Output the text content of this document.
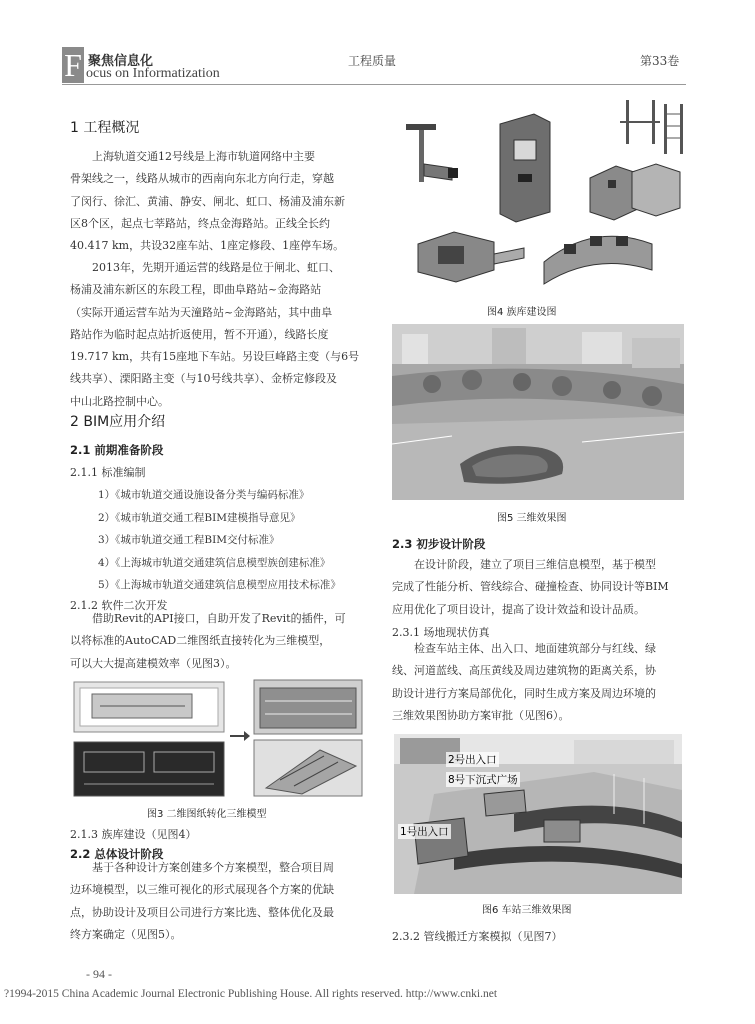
F 聚焦信息化
ocus on Informatization
工程质量	第33卷
1 工程概况
上海轨道交通12号线是上海市轨道网络中主要
骨架线之一，线路从城市的西南向东北方向行走，穿越
了闵行、徐汇、黄浦、静安、闸北、虹口、杨浦及浦东新
区8个区，起点七莘路站，终点金海路站。正线全长约
40.417 km，共设32座车站、1座定修段、1座停车场。
2013年，先期开通运营的线路是位于闸北、虹口、
杨浦及浦东新区的东段工程，即曲阜路站~金海路站
（实际开通运营车站为天潼路站~金海路站，其中曲阜
路站作为临时起点站折返使用，暂不开通），线路长度
19.717 km，共有15座地下车站。另设巨峰路主变（与6号
线共享）、溧阳路主变（与10号线共享）、金桥定修段及
中山北路控制中心。
2 BIM应用介绍
2.1 前期准备阶段
2.1.1 标准编制
1）《城市轨道交通设施设备分类与编码标准》
2）《城市轨道交通工程BIM建模指导意见》
3）《城市轨道交通工程BIM交付标准》
4）《上海城市轨道交通建筑信息模型族创建标准》
5）《上海城市轨道交通建筑信息模型应用技术标准》
2.1.2 软件二次开发
借助Revit的API接口，自助开发了Revit的插件，可
以将标准的AutoCAD二维图纸直接转化为三维模型，
可以大大提高建模效率（见图3）。
图3 二维图纸转化三维模型
2.1.3 族库建设（见图4）
2.2 总体设计阶段
基于各种设计方案创建多个方案模型，整合项目周
边环境模型，以三维可视化的形式展现各个方案的优缺
点，协助设计及项目公司进行方案比选、整体优化及最
终方案确定（见图5）。
图4 族库建设图
图5 三维效果图
2.3 初步设计阶段
在设计阶段，建立了项目三维信息模型，基于模型
完成了性能分析、管线综合、碰撞检查、协同设计等BIM
应用优化了项目设计，提高了设计效益和设计品质。
2.3.1 场地现状仿真
检查车站主体、出入口、地面建筑部分与红线、绿
线、河道蓝线、高压黄线及周边建筑物的距离关系，协
助设计进行方案局部优化，同时生成方案及周边环境的
三维效果图协助方案审批（见图6）。
2号出入口
8号下沉式广场
1号出入口
图6 车站三维效果图
2.3.2 管线搬迁方案模拟（见图7）
- 94 -
?1994-2015 China Academic Journal Electronic Publishing House. All rights reserved. http://www.cnki.net
